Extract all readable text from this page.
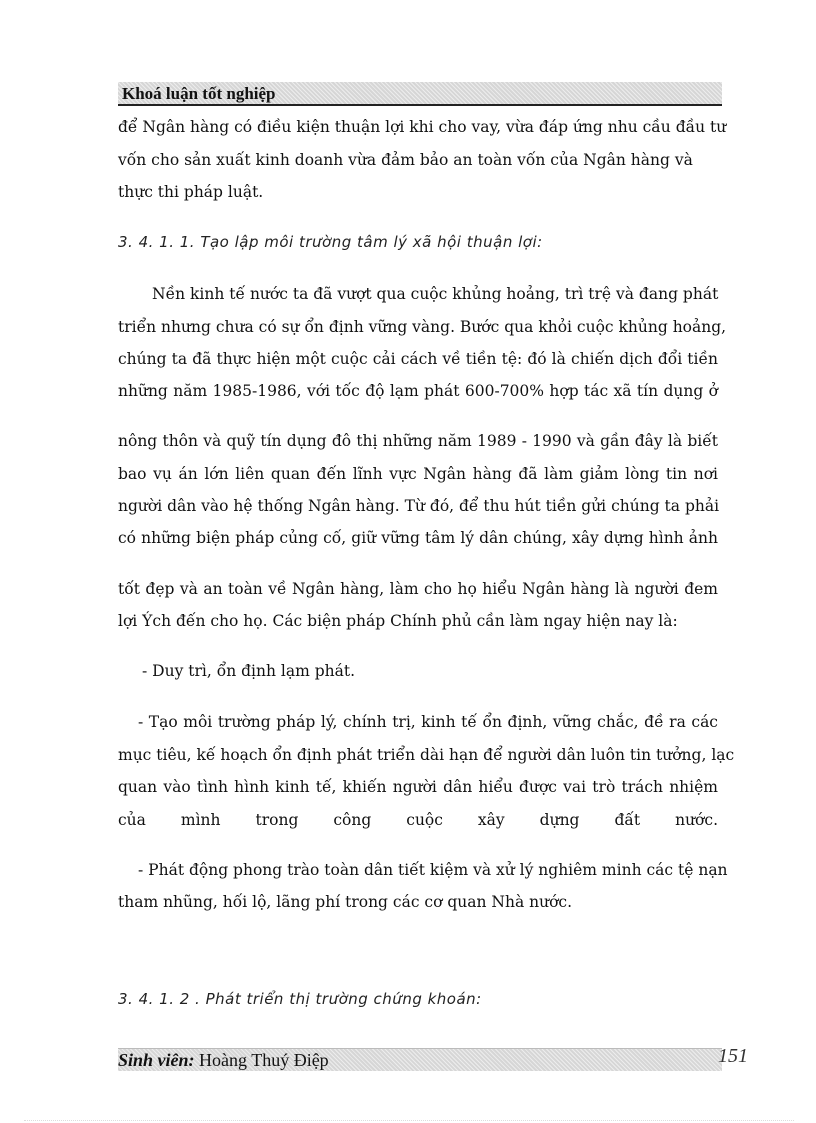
Khoá luận tốt nghiệp
để Ngân hàng có điều kiện thuận lợi khi cho vay, vừa đáp ứng nhu cầu đầu tư
vốn cho sản xuất kinh doanh vừa đảm bảo an toàn vốn của Ngân hàng và
thực thi pháp luật.
3. 4. 1. 1. Tạo lập môi trường tâm lý xã hội thuận lợi:
Nền kinh tế nước ta đã vượt qua cuộc khủng hoảng, trì trệ và đang phát
triển nhưng chưa có sự ổn định vững vàng. Bước qua khỏi cuộc khủng hoảng,
chúng ta đã thực hiện một cuộc cải cách về tiền tệ: đó là chiến dịch đổi tiền
những năm 1985-1986, với tốc độ lạm phát 600-700% hợp tác xã tín dụng ở
nông thôn và quỹ tín dụng đô thị những năm 1989 - 1990 và gần đây là biết
bao vụ án lớn liên quan đến lĩnh vực Ngân hàng đã làm giảm lòng tin nơi
người dân vào hệ thống Ngân hàng. Từ đó, để thu hút tiền gửi chúng ta phải
có những biện pháp củng cố, giữ vững tâm lý dân chúng, xây dựng hình ảnh
tốt đẹp và an toàn về Ngân hàng, làm cho họ hiểu Ngân hàng là người đem
lợi Ých đến cho họ. Các biện pháp Chính phủ cần làm ngay hiện nay là:
- Duy trì, ổn định lạm phát.
- Tạo môi trường pháp lý, chính trị, kinh tế ổn định, vững chắc, đề ra các
mục tiêu, kế hoạch ổn định phát triển dài hạn để người dân luôn tin tưởng, lạc
quan vào tình hình kinh tế, khiến người dân hiểu được vai trò trách nhiệm
của mình trong công cuộc xây dựng đất nước.
- Phát động phong trào toàn dân tiết kiệm và xử lý nghiêm minh các tệ nạn
tham nhũng, hối lộ, lãng phí trong các cơ quan Nhà nước.
3. 4. 1. 2 . Phát triển thị trường chứng khoán:
Sinh viên: Hoàng Thuý Điệp	151
